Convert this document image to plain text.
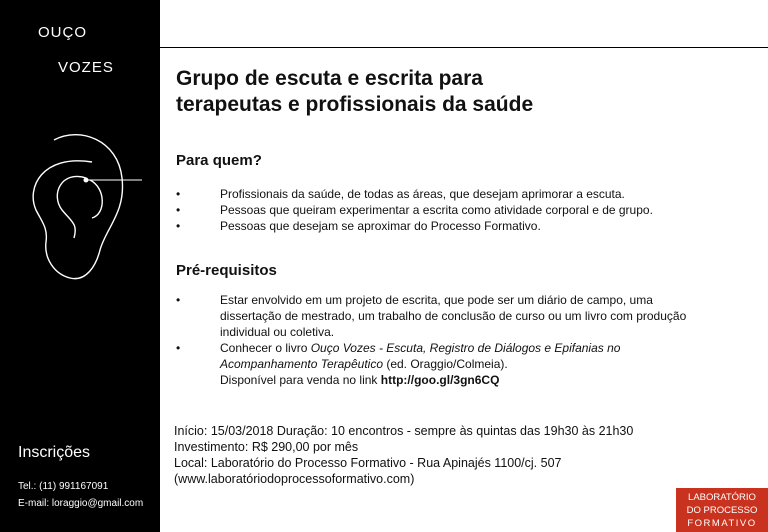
OUÇO
VOZES
Inscrições
Tel.: (11) 991167091
E-mail: loraggio@gmail.com
Grupo de escuta e escrita para
terapeutas e profissionais da saúde
Para quem?
• Profissionais da saúde, de todas as áreas, que desejam aprimorar a escuta.
• Pessoas que queiram experimentar a escrita como atividade corporal e de grupo.
• Pessoas que desejam se aproximar do Processo Formativo.
Pré-requisitos
• Estar envolvido em um projeto de escrita, que pode ser um diário de campo, uma dissertação de mestrado, um trabalho de conclusão de curso ou um livro com produção individual ou coletiva.
• Conhecer o livro Ouço Vozes - Escuta, Registro de Diálogos e Epifanias no Acompanhamento Terapêutico (ed. Oraggio/Colmeia).
Disponível para venda no link http://goo.gl/3gn6CQ
Início: 15/03/2018 Duração: 10 encontros - sempre às quintas das 19h30 às 21h30
Investimento: R$ 290,00 por mês
Local: Laboratório do Processo Formativo - Rua Apinajés 1100/cj. 507
(www.laboratóriodoprocessoformativo.com)
LABORATÓRIO
DO PROCESSO
FORMATIVO
